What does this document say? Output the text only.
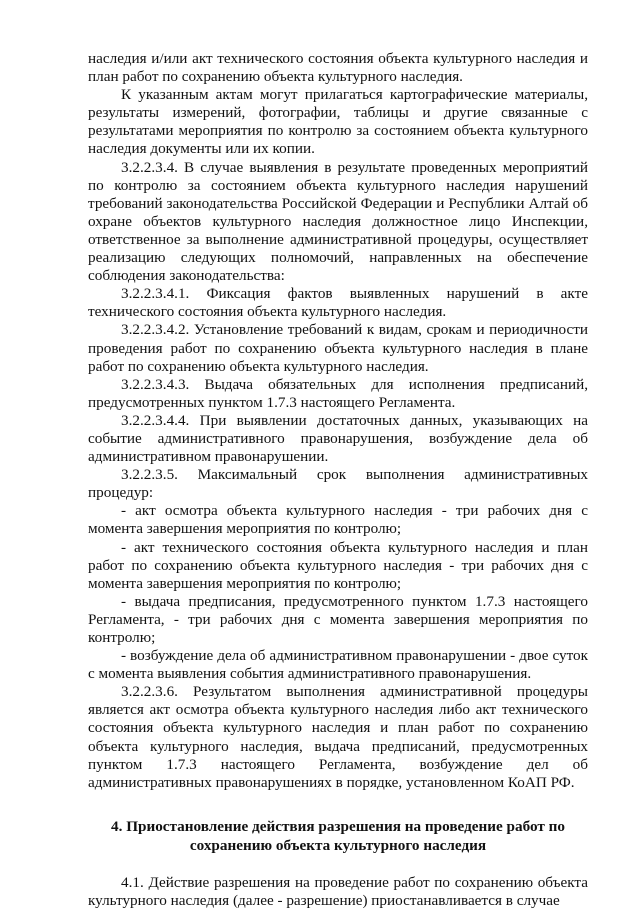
наследия и/или акт технического состояния объекта культурного наследия и план работ по сохранению объекта культурного наследия.

К указанным актам могут прилагаться картографические материалы, результаты измерений, фотографии, таблицы и другие связанные с результатами мероприятия по контролю за состоянием объекта культурного наследия документы или их копии.

3.2.2.3.4. В случае выявления в результате проведенных мероприятий по контролю за состоянием объекта культурного наследия нарушений требований законодательства Российской Федерации и Республики Алтай об охране объектов культурного наследия должностное лицо Инспекции, ответственное за выполнение административной процедуры, осуществляет реализацию следующих полномочий, направленных на обеспечение соблюдения законодательства:

3.2.2.3.4.1. Фиксация фактов выявленных нарушений в акте технического состояния объекта культурного наследия.

3.2.2.3.4.2. Установление требований к видам, срокам и периодичности проведения работ по сохранению объекта культурного наследия в плане работ по сохранению объекта культурного наследия.

3.2.2.3.4.3. Выдача обязательных для исполнения предписаний, предусмотренных пунктом 1.7.3 настоящего Регламента.

3.2.2.3.4.4. При выявлении достаточных данных, указывающих на событие административного правонарушения, возбуждение дела об административном правонарушении.

3.2.2.3.5. Максимальный срок выполнения административных процедур:

- акт осмотра объекта культурного наследия - три рабочих дня с момента завершения мероприятия по контролю;

- акт технического состояния объекта культурного наследия и план работ по сохранению объекта культурного наследия - три рабочих дня с момента завершения мероприятия по контролю;

- выдача предписания, предусмотренного пунктом 1.7.3 настоящего Регламента, - три рабочих дня с момента завершения мероприятия по контролю;

- возбуждение дела об административном правонарушении - двое суток с момента выявления события административного правонарушения.

3.2.2.3.6. Результатом выполнения административной процедуры является акт осмотра объекта культурного наследия либо акт технического состояния объекта культурного наследия и план работ по сохранению объекта культурного наследия, выдача предписаний, предусмотренных пунктом 1.7.3 настоящего Регламента, возбуждение дел об административных правонарушениях в порядке, установленном КоАП РФ.

4. Приостановление действия разрешения на проведение работ по
сохранению объекта культурного наследия

4.1. Действие разрешения на проведение работ по сохранению объекта культурного наследия (далее - разрешение) приостанавливается в случае
